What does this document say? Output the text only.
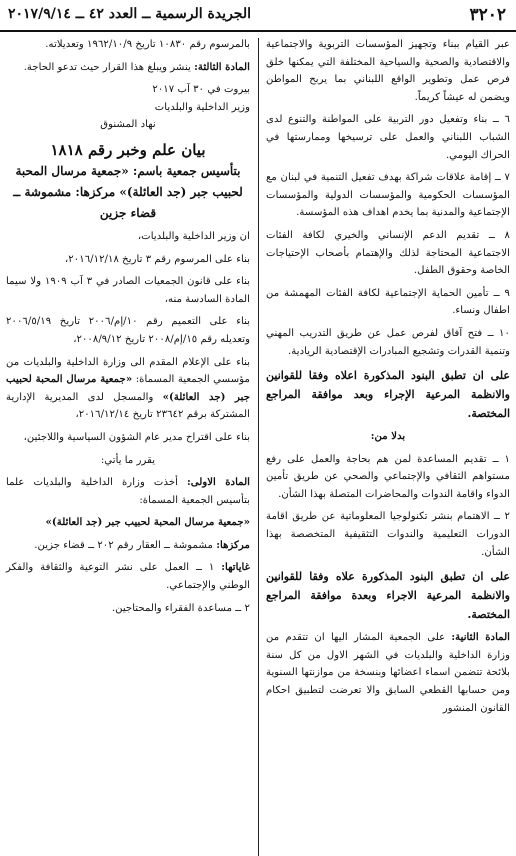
٣٢٠٢
الجريدة الرسمية ــ العدد ٤٢ ــ ٢٠١٧/٩/١٤

عبر القيام ببناء وتجهيز المؤسسات التربوية والاجتماعية والاقتصادية والصحية والسياحية المختلفة التي يمكنها خلق فرص عمل وتطوير الواقع اللبناني بما يربح المواطن ويضمن له عيشاً كريماً.

٦ ــ بناء وتفعيل دور التربية على المواطنة والتنوع لدى الشباب اللبناني والعمل على ترسيخها وممارستها في الحراك اليومي.

٧ ــ إقامة علاقات شراكة بهدف تفعيل التنمية في لبنان مع المؤسسات الحكومية والمؤسسات الدولية والمؤسسات الإجتماعية والمدنية بما يخدم اهداف هذه المؤسسة.

٨ ــ تقديم الدعم الإنساني والخيري لكافة الفئات الاجتماعية المحتاجة لذلك والإهتمام بأصحاب الإحتياجات الخاصة وحقوق الطفل.

٩ ــ تأمين الحماية الإجتماعية لكافة الفئات المهمشة من اطفال ونساء.

١٠ ــ فتح آفاق لفرص عمل عن طريق التدريب المهني وتنمية القدرات وتشجيع المبادرات الإقتصادية الريادية.

على ان تطبق البنود المذكورة اعلاه وفقا للقوانين والانظمة المرعية الإجراء وبعد موافقة المراجع المختصة.

بدلا من:

١ ــ تقديم المساعدة لمن هم بحاجة والعمل على رفع مستواهم الثقافي والإجتماعي والصحي عن طريق تأمين الدواء واقامة الندوات والمحاضرات المتصلة بهذا الشأن.

٢ ــ الاهتمام بنشر تكنولوجيا المعلوماتية عن طريق اقامة الدورات التعليمية والندوات التثقيفية المتخصصة بهذا الشأن.

على ان تطبق البنود المذكورة علاه وفقا للقوانين والانظمة المرعية الاجراء وبعدة موافقة المراجع المختصة.

المادة الثانية: على الجمعية المشار اليها ان تتقدم من وزارة الداخلية والبلديات في الشهر الاول من كل سنة بلائحة تتضمن اسماء اعضائها وبنسخة من موازنتها السنوية ومن حسابها القطعي السابق والا تعرضت لتطبيق احكام القانون المنشور

بالمرسوم رقم ١٠٨٣٠ تاريخ ١٩٦٢/١٠/٩ وتعديلاته.

المادة الثالثة: ينشر ويبلغ هذا القرار حيث تدعو الحاجة.

بيروت في ٣٠ آب ٢٠١٧

وزير الداخلية والبلديات

نهاد المشنوق

بيان علم وخبر رقم ١٨١٨
بتأسيس جمعية باسم: «جمعية مرسال المحبة لحبيب جبر (جد العائلة)» مركزها: مشموشة ــ قضاء جزين

ان وزير الداخلية والبلديات،

بناء على المرسوم رقم ٣ تاريخ ٢٠١٦/١٢/١٨،

بناء على قانون الجمعيات الصادر في ٣ آب ١٩٠٩ ولا سيما المادة السادسة منه،

بناء على التعميم رقم ١٠/إم/٢٠٠٦ تاريخ ٢٠٠٦/٥/١٩ وتعديله رقم ١٥/إم/٢٠٠٨ تاريخ ٢٠٠٨/٩/١٢،

بناء على الإعلام المقدم الى وزارة الداخلية والبلديات من مؤسسي الجمعية المسماة: «جمعية مرسال المحبة لحبيب جبر (جد العائلة)» والمسجل لدى المديرية الإدارية المشتركة برقم ٢٣٦٤٢ تاريخ ٢٠١٦/١٢/١٤،

بناء على اقتراح مدير عام الشؤون السياسية واللاجئين،

يقرر ما يأتي:

المادة الاولى: أخذت وزارة الداخلية والبلديات علما بتأسيس الجمعية المسماة:

«جمعية مرسال المحبة لحبيب جبر (جد العائلة)»

مركزها: مشموشة ــ العقار رقم ٢٠٢ ــ قضاء جزين.

غاياتها: ١ ــ العمل على نشر التوعية والثقافة والفكر الوطني والإجتماعي.

٢ ــ مساعدة الفقراء والمحتاجين.
